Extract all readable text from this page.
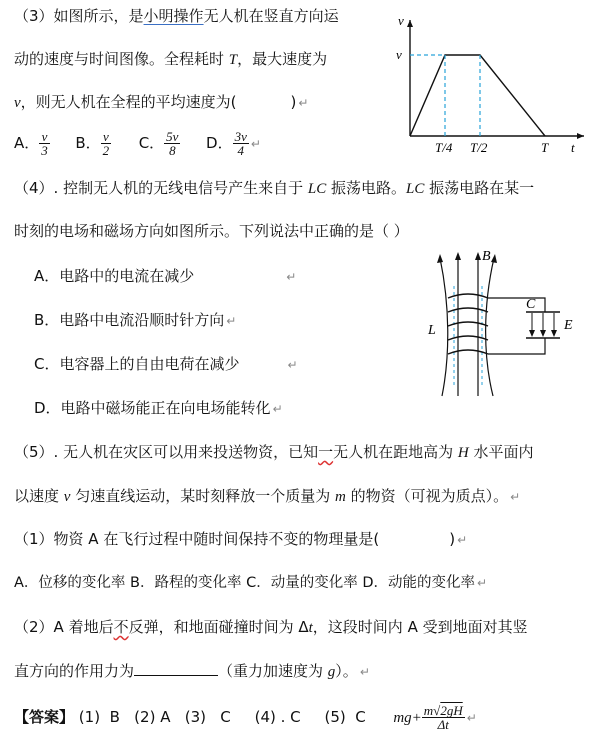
（3）如图所示，是小明操作无人机在竖直方向运
动的速度与时间图像。全程耗时 T，最大速度为
v，则无人机在全程的平均速度为(	) ↵
A． $\frac{v}{3}$ B． $\frac{v}{2}$ C． $\frac{5v}{8}$ D． $\frac{3v}{4}$ ↵
v
v
t
T/4 T/2	T
（4）. 控制无人机的无线电信号产生来自于 LC 振荡电路。LC 振荡电路在某一
时刻的电场和磁场方向如图所示。下列说法中正确的是（ ）
A．电路中的电流在减少	↵
B．电路中电流沿顺时针方向 ↵
C．电容器上的自由电荷在减少	↵
D．电路中磁场能正在向电场能转化 ↵
B
L
C
E
（5）. 无人机在灾区可以用来投送物资，已知一无人机在距地高为 H 水平面内
以速度 v 匀速直线运动，某时刻释放一个质量为 m 的物资（可视为质点）。 ↵
（1）物资 A 在飞行过程中随时间保持不变的物理量是(	) ↵
A．位移的变化率 B．路程的变化率 C．动量的变化率 D．动能的变化率 ↵
（2）A 着地后不反弹，和地面碰撞时间为 Δt，这段时间内 A 受到地面对其竖
直方向的作用力为	（重力加速度为 g）。 ↵
【答案】 (1)  B   (2) A   (3)   C     (4) . C     (5)  C $mg+ \frac{m√2gH}{\Delta t}$ ↵
